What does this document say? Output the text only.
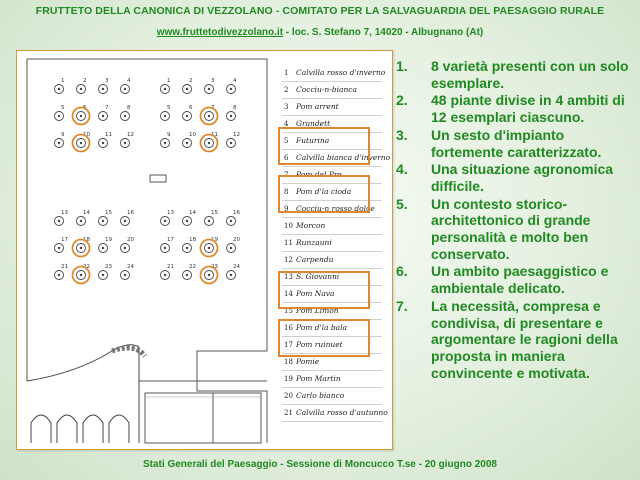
FRUTTETO DELLA CANONICA DI VEZZOLANO - COMITATO PER LA SALVAGUARDIA DEL PAESAGGIO RURALE
www.fruttetodivezzolano.it - loc. S. Stefano 7, 14020 - Albugnano (At)
1	2	3	4
5	6	7	8
9	10	11	12
1	2	3	4
5	6	7	8
9	10	11	12
13	14	15	16
17	18	19	20
21	22	23	24
13	14	15	16
17	18	19	20
21	22	23	24
1 Calvilla rosso d'inverno
2 Cocciu-n-bianca
3 Pom arrent
4 Grandett
5 Futurina
6 Calvilla bianca d'inverno
7 Pom del Pre
8 Pom d'la cioda
9 Cocciu-n rosso dolce
10 Morcon
11 Runzauni
12 Carpendu
13 S. Giovanni
14 Pom Nava
15 Pom Limon
16 Pom d'la bala
17 Pom ruinuet
18 Pomie
19 Pom Martin
20 Carlo bianco
21 Calvilla rosso d'autunno
1.	8 varietà presenti con un solo esemplare.
2.	48 piante divise in 4 ambiti di 12 esemplari ciascuno.
3.	Un sesto d'impianto fortemente caratterizzato.
4.	Una situazione agronomica difficile.
5.	Un contesto storico-architettonico di grande personalità e molto ben conservato.
6.	Un ambito paesaggistico e ambientale delicato.
7.	La necessità, compresa e condivisa, di presentare e argomentare le ragioni della proposta in maniera convincente e motivata.
Stati Generali del Paesaggio - Sessione di Moncucco T.se - 20 giugno 2008
